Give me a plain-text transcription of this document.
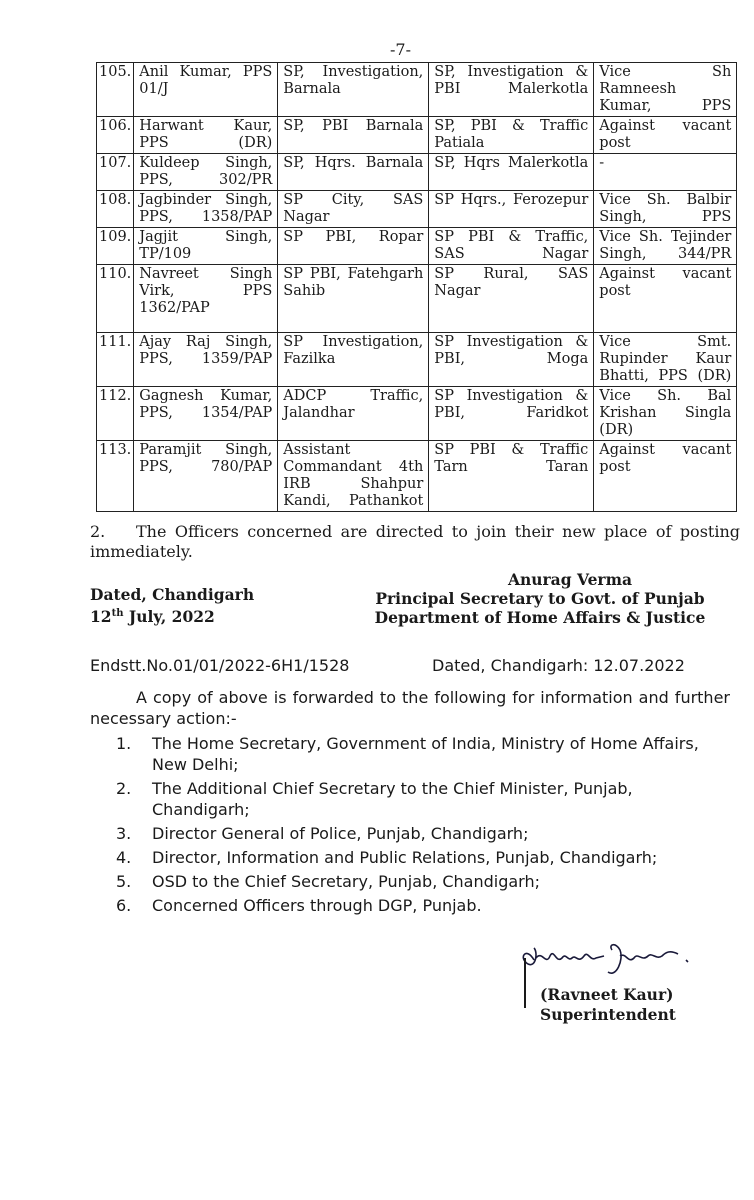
-7-
105.	Anil Kumar, PPS 01/J	SP, Investigation, Barnala	SP, Investigation & PBI Malerkotla	Vice Sh Ramneesh Kumar, PPS
106.	Harwant Kaur, PPS (DR)	SP, PBI Barnala	SP, PBI & Traffic Patiala	Against vacant post
107.	Kuldeep Singh, PPS, 302/PR	SP, Hqrs. Barnala	SP, Hqrs Malerkotla	-
108.	Jagbinder Singh, PPS, 1358/PAP	SP City, SAS Nagar	SP Hqrs., Ferozepur	Vice Sh. Balbir Singh, PPS
109.	Jagjit Singh, TP/109	SP PBI, Ropar	SP PBI & Traffic, SAS Nagar	Vice Sh. Tejinder Singh, 344/PR
110.	Navreet Singh Virk, PPS 1362/PAP	SP PBI, Fatehgarh Sahib	SP Rural, SAS Nagar	Against vacant post
111.	Ajay Raj Singh, PPS, 1359/PAP	SP Investigation, Fazilka	SP Investigation & PBI, Moga	Vice Smt. Rupinder Kaur Bhatti, PPS (DR)
112.	Gagnesh Kumar, PPS, 1354/PAP	ADCP Traffic, Jalandhar	SP Investigation & PBI, Faridkot	Vice Sh. Bal Krishan Singla (DR)
113.	Paramjit Singh, PPS, 780/PAP	Assistant Commandant 4th IRB Shahpur Kandi, Pathankot	SP PBI & Traffic Tarn Taran	Against vacant post
2. The Officers concerned are directed to join their new place of posting immediately.
Dated, Chandigarh
12th July, 2022
Anurag Verma
Principal Secretary to Govt. of Punjab
Department of Home Affairs & Justice
Endstt.No.01/01/2022-6H1/1528	Dated, Chandigarh: 12.07.2022
A copy of above is forwarded to the following for information and further necessary action:-
1. The Home Secretary, Government of India, Ministry of Home Affairs, New Delhi;
2. The Additional Chief Secretary to the Chief Minister, Punjab, Chandigarh;
3. Director General of Police, Punjab, Chandigarh;
4. Director, Information and Public Relations, Punjab, Chandigarh;
5. OSD to the Chief Secretary, Punjab, Chandigarh;
6. Concerned Officers through DGP, Punjab.
(Ravneet Kaur)
Superintendent
